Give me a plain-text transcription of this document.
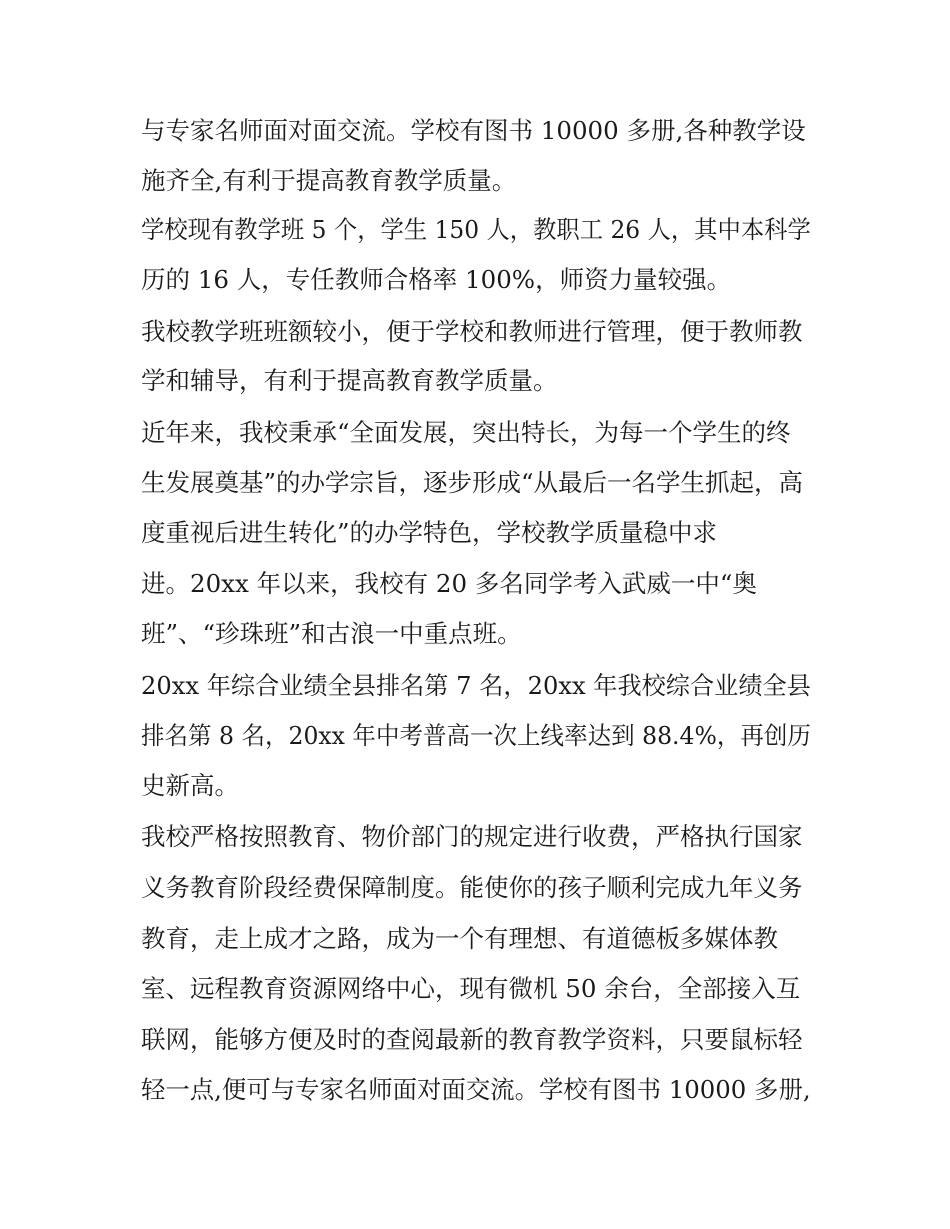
与专家名师面对面交流。学校有图书 10000 多册,各种教学设
施齐全,有利于提高教育教学质量。
学校现有教学班 5 个，学生 150 人，教职工 26 人，其中本科学
历的 16 人，专任教师合格率 100%，师资力量较强。
我校教学班班额较小，便于学校和教师进行管理，便于教师教
学和辅导，有利于提高教育教学质量。
近年来，我校秉承“全面发展，突出特长，为每一个学生的终
生发展奠基”的办学宗旨，逐步形成“从最后一名学生抓起，高
度重视后进生转化”的办学特色，学校教学质量稳中求
进。20xx 年以来，我校有 20 多名同学考入武威一中“奥
班”、“珍珠班”和古浪一中重点班。
20xx 年综合业绩全县排名第 7 名，20xx 年我校综合业绩全县
排名第 8 名，20xx 年中考普高一次上线率达到 88.4%，再创历
史新高。
我校严格按照教育、物价部门的规定进行收费，严格执行国家
义务教育阶段经费保障制度。能使你的孩子顺利完成九年义务
教育，走上成才之路，成为一个有理想、有道德板多媒体教
室、远程教育资源网络中心，现有微机 50 余台，全部接入互
联网，能够方便及时的查阅最新的教育教学资料，只要鼠标轻
轻一点,便可与专家名师面对面交流。学校有图书 10000 多册,
